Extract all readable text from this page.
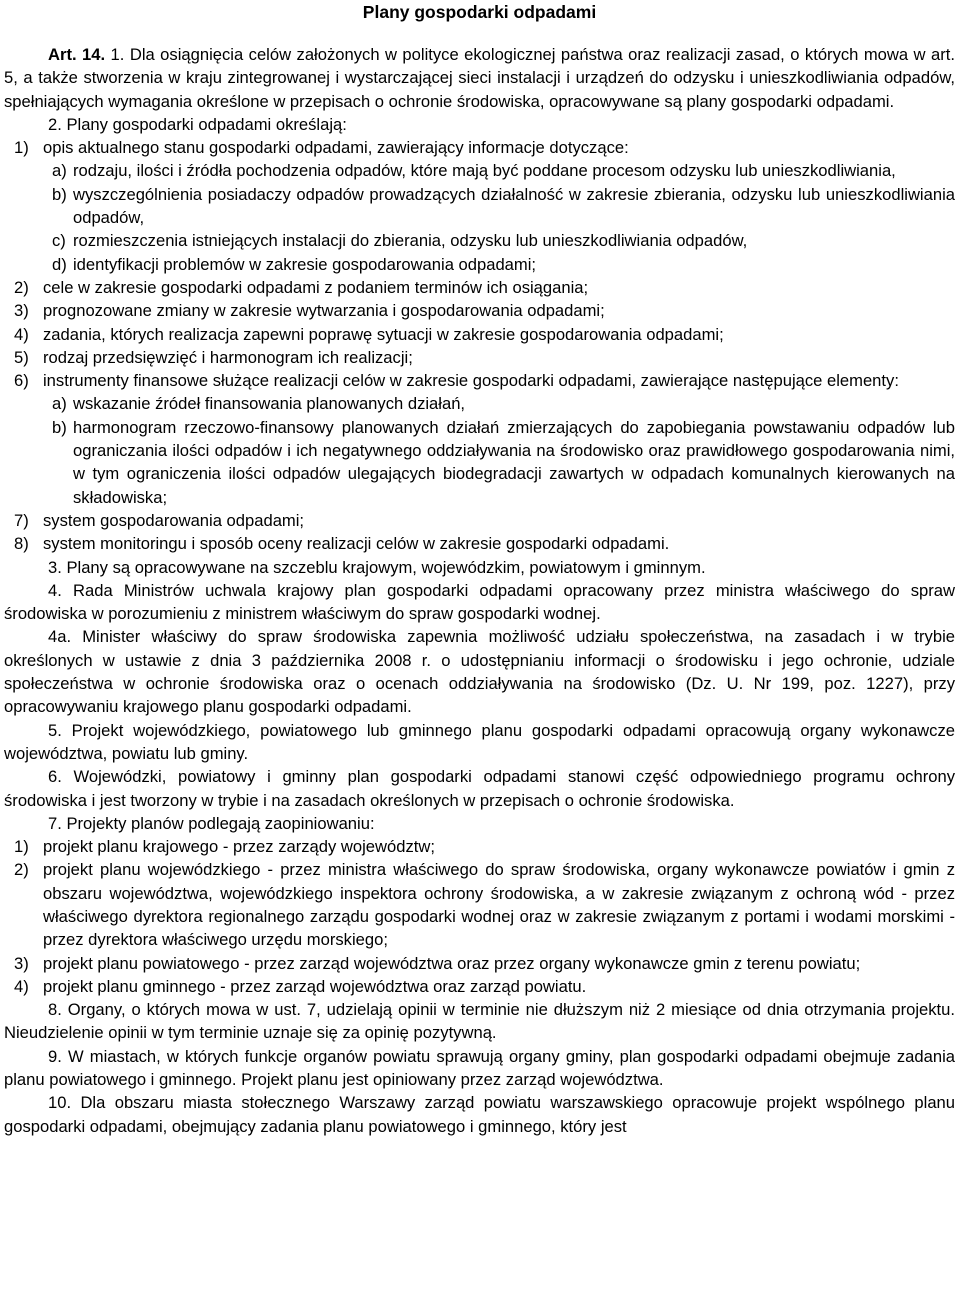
Plany gospodarki odpadami

Art. 14. 1. Dla osiągnięcia celów założonych w polityce ekologicznej państwa oraz realizacji zasad, o których mowa w art. 5, a także stworzenia w kraju zintegrowanej i wystarczającej sieci instalacji i urządzeń do odzysku i unieszkodliwiania odpadów, spełniających wymagania określone w przepisach o ochronie środowiska, opracowywane są plany gospodarki odpadami.

2. Plany gospodarki odpadami określają:

1) opis aktualnego stanu gospodarki odpadami, zawierający informacje dotyczące:
a) rodzaju, ilości i źródła pochodzenia odpadów, które mają być poddane procesom odzysku lub unieszkodliwiania,
b) wyszczególnienia posiadaczy odpadów prowadzących działalność w zakresie zbierania, odzysku lub unieszkodliwiania odpadów,
c) rozmieszczenia istniejących instalacji do zbierania, odzysku lub unieszkodliwiania odpadów,
d) identyfikacji problemów w zakresie gospodarowania odpadami;
2) cele w zakresie gospodarki odpadami z podaniem terminów ich osiągania;
3) prognozowane zmiany w zakresie wytwarzania i gospodarowania odpadami;
4) zadania, których realizacja zapewni poprawę sytuacji w zakresie gospodarowania odpadami;
5) rodzaj przedsięwzięć i harmonogram ich realizacji;
6) instrumenty finansowe służące realizacji celów w zakresie gospodarki odpadami, zawierające następujące elementy:
a) wskazanie źródeł finansowania planowanych działań,
b) harmonogram rzeczowo-finansowy planowanych działań zmierzających do zapobiegania powstawaniu odpadów lub ograniczania ilości odpadów i ich negatywnego oddziaływania na środowisko oraz prawidłowego gospodarowania nimi, w tym ograniczenia ilości odpadów ulegających biodegradacji zawartych w odpadach komunalnych kierowanych na składowiska;
7) system gospodarowania odpadami;
8) system monitoringu i sposób oceny realizacji celów w zakresie gospodarki odpadami.

3. Plany są opracowywane na szczeblu krajowym, wojewódzkim, powiatowym i gminnym.

4. Rada Ministrów uchwala krajowy plan gospodarki odpadami opracowany przez ministra właściwego do spraw środowiska w porozumieniu z ministrem właściwym do spraw gospodarki wodnej.

4a. Minister właściwy do spraw środowiska zapewnia możliwość udziału społeczeństwa, na zasadach i w trybie określonych w ustawie z dnia 3 października 2008 r. o udostępnianiu informacji o środowisku i jego ochronie, udziale społeczeństwa w ochronie środowiska oraz o ocenach oddziaływania na środowisko (Dz. U. Nr 199, poz. 1227), przy opracowywaniu krajowego planu gospodarki odpadami.

5. Projekt wojewódzkiego, powiatowego lub gminnego planu gospodarki odpadami opracowują organy wykonawcze województwa, powiatu lub gminy.

6. Wojewódzki, powiatowy i gminny plan gospodarki odpadami stanowi część odpowiedniego programu ochrony środowiska i jest tworzony w trybie i na zasadach określonych w przepisach o ochronie środowiska.

7. Projekty planów podlegają zaopiniowaniu:

1) projekt planu krajowego - przez zarządy województw;
2) projekt planu wojewódzkiego - przez ministra właściwego do spraw środowiska, organy wykonawcze powiatów i gmin z obszaru województwa, wojewódzkiego inspektora ochrony środowiska, a w zakresie związanym z ochroną wód - przez właściwego dyrektora regionalnego zarządu gospodarki wodnej oraz w zakresie związanym z portami i wodami morskimi - przez dyrektora właściwego urzędu morskiego;
3) projekt planu powiatowego - przez zarząd województwa oraz przez organy wykonawcze gmin z terenu powiatu;
4) projekt planu gminnego - przez zarząd województwa oraz zarząd powiatu.

8. Organy, o których mowa w ust. 7, udzielają opinii w terminie nie dłuższym niż 2 miesiące od dnia otrzymania projektu. Nieudzielenie opinii w tym terminie uznaje się za opinię pozytywną.

9. W miastach, w których funkcje organów powiatu sprawują organy gminy, plan gospodarki odpadami obejmuje zadania planu powiatowego i gminnego. Projekt planu jest opiniowany przez zarząd województwa.

10. Dla obszaru miasta stołecznego Warszawy zarząd powiatu warszawskiego opracowuje projekt wspólnego planu gospodarki odpadami, obejmujący zadania planu powiatowego i gminnego, który jest
